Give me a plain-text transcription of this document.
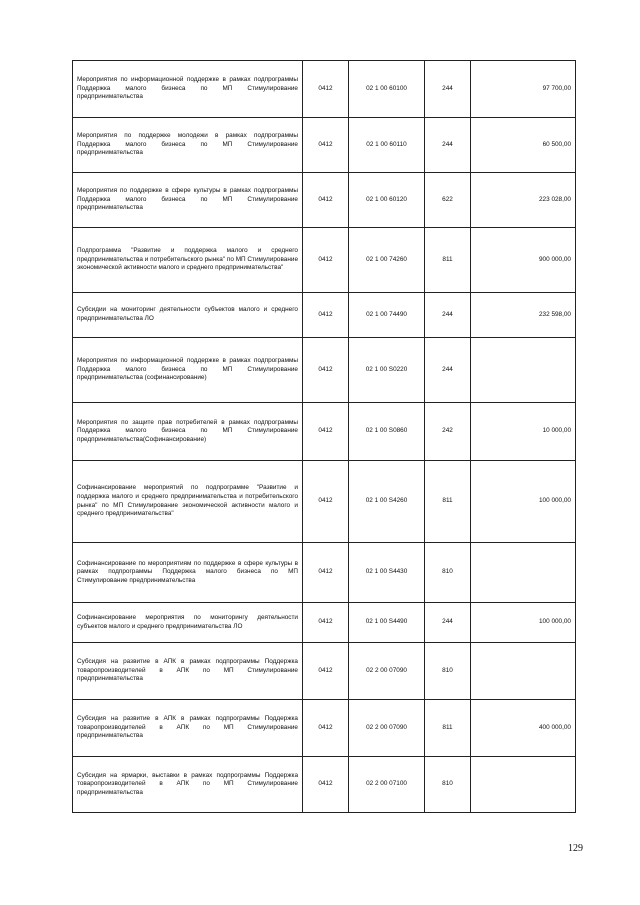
Мероприятия по информационной поддержке в рамках подпрограммы Поддержка малого бизнеса по МП Стимулирование предпринимательства	0412	02 1 00 60100	244	97 700,00
Мероприятия по поддержке молодежи в рамках подпрограммы Поддержка малого бизнеса по МП Стимулирование предпринимательства	0412	02 1 00 60110	244	60 500,00
Мероприятия по поддержке в сфере культуры в рамках подпрограммы Поддержка малого бизнеса по МП Стимулирование предпринимательства	0412	02 1 00 60120	622	223 028,00
Подпрограмма "Развитие и поддержка малого и среднего предпринимательства и потребительского рынка" по МП Стимулирование экономической активности малого и среднего предпринимательства"	0412	02 1 00 74260	811	900 000,00
Субсидии на мониторинг деятельности субъектов малого и среднего предпринимательства ЛО	0412	02 1 00 74490	244	232 598,00
Мероприятия по информационной поддержке в рамках подпрограммы Поддержка малого бизнеса по МП Стимулирование предпринимательства (софинансирование)	0412	02 1 00 S0220	244	
Мероприятия по защите прав потребителей в рамках подпрограммы Поддержка малого бизнеса по МП Стимулирование предпринимательства(Софинансирование)	0412	02 1 00 S0860	242	10 000,00
Софинансирование мероприятий по подпрограмме "Развитие и поддержка малого и среднего предпринимательства и потребительского рынка" по МП Стимулирование экономической активности малого и среднего предпринимательства"	0412	02 1 00 S4260	811	100 000,00
Софинансирование по мероприятиям по поддержке в сфере культуры в рамках подпрограммы Поддержка малого бизнеса по МП Стимулирование предпринимательства	0412	02 1 00 S4430	810	
Софинансирование мероприятия по мониторингу деятельности субъектов малого и среднего предпринимательства ЛО	0412	02 1 00 S4490	244	100 000,00
Субсидия на развитие в АПК в рамках подпрограммы Поддержка товаропроизводителей в АПК по МП Стимулирование предпринимательства	0412	02 2 00 07090	810	
Субсидия на развитие в АПК в рамках подпрограммы Поддержка товаропроизводителей в АПК по МП Стимулирование предпринимательства	0412	02 2 00 07090	811	400 000,00
Субсидия на ярмарки, выставки в рамках подпрограммы Поддержка товаропроизводителей в АПК по МП Стимулирование предпринимательства	0412	02 2 00 07100	810	
129
